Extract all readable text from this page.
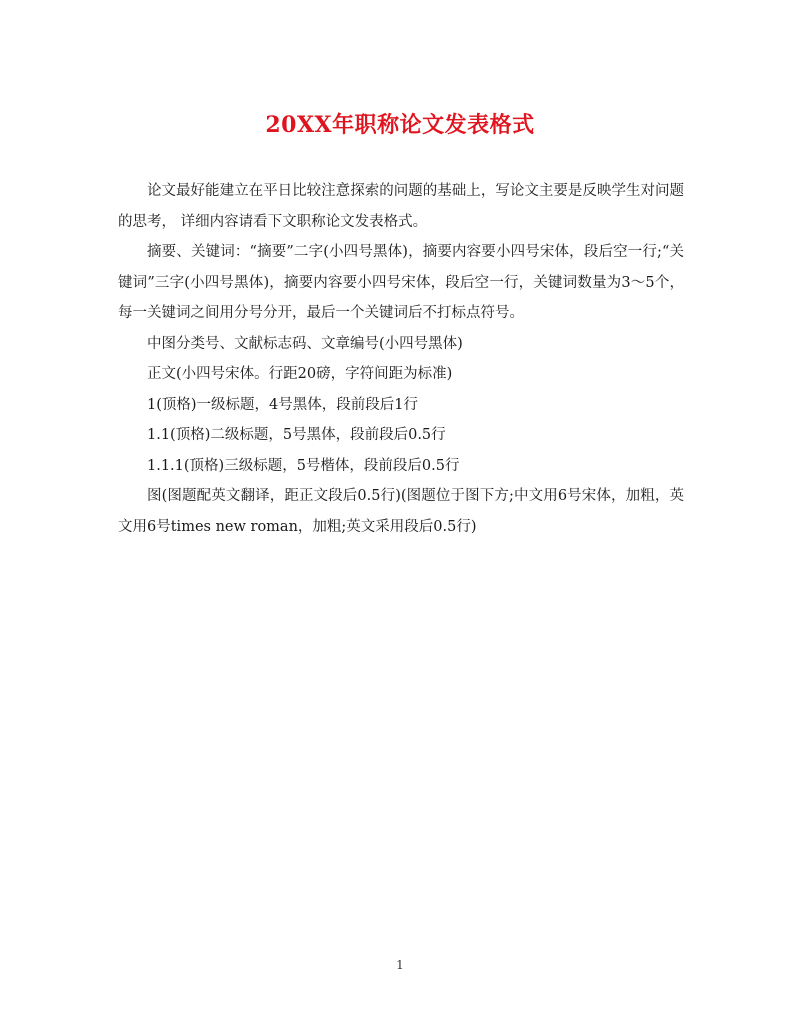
20XX年职称论文发表格式

论文最好能建立在平日比较注意探索的问题的基础上，写论文主要是反映学生对问题的思考， 详细内容请看下文职称论文发表格式。

摘要、关键词：“摘要”二字(小四号黑体)，摘要内容要小四号宋体，段后空一行;“关键词”三字(小四号黑体)，摘要内容要小四号宋体，段后空一行，关键词数量为3～5个，每一关键词之间用分号分开，最后一个关键词后不打标点符号。

中图分类号、文献标志码、文章编号(小四号黑体)

正文(小四号宋体。行距20磅，字符间距为标准)

1(顶格)一级标题，4号黑体，段前段后1行

1.1(顶格)二级标题，5号黑体，段前段后0.5行

1.1.1(顶格)三级标题，5号楷体，段前段后0.5行

图(图题配英文翻译，距正文段后0.5行)(图题位于图下方;中文用6号宋体，加粗，英文用6号times new roman，加粗;英文采用段后0.5行)

1
